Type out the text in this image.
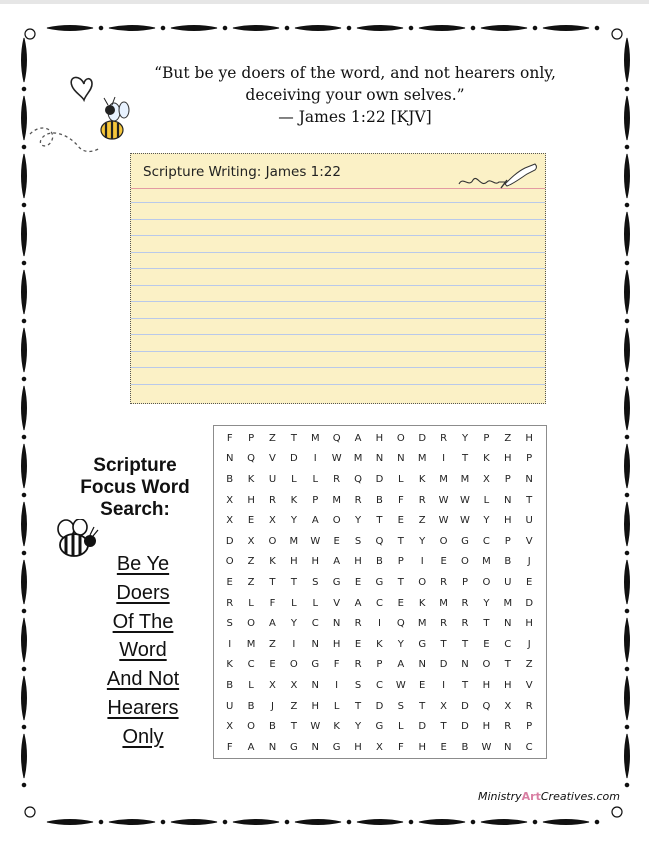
“But be ye doers of the word, and not hearers only,
deceiving your own selves.”
— James 1:22 [KJV]
Scripture Writing: James 1:22
Scripture
Focus Word
Search:
Be Ye
Doers
Of The
Word
And Not
Hearers
Only
F	P	Z	T	M	Q	A	H	O	D	R	Y	P	Z	H
N	Q	V	D	I	W	M	N	N	M	I	T	K	H	P
B	K	U	L	L	R	Q	D	L	K	M	M	X	P	N
X	H	R	K	P	M	R	B	F	R	W	W	L	N	T
X	E	X	Y	A	O	Y	T	E	Z	W	W	Y	H	U
D	X	O	M	W	E	S	Q	T	Y	O	G	C	P	V
O	Z	K	H	H	A	H	B	P	I	E	O	M	B	J
E	Z	T	T	S	G	E	G	T	O	R	P	O	U	E
R	L	F	L	L	V	A	C	E	K	M	R	Y	M	D
S	O	A	Y	C	N	R	I	Q	M	R	R	T	N	H
I	M	Z	I	N	H	E	K	Y	G	T	T	E	C	J
K	C	E	O	G	F	R	P	A	N	D	N	O	T	Z
B	L	X	X	N	I	S	C	W	E	I	T	H	H	V
U	B	J	Z	H	L	T	D	S	T	X	D	Q	X	R
X	O	B	T	W	K	Y	G	L	D	T	D	H	R	P
F	A	N	G	N	G	H	X	F	H	E	B	W	N	C
MinistryArtCreatives.com
